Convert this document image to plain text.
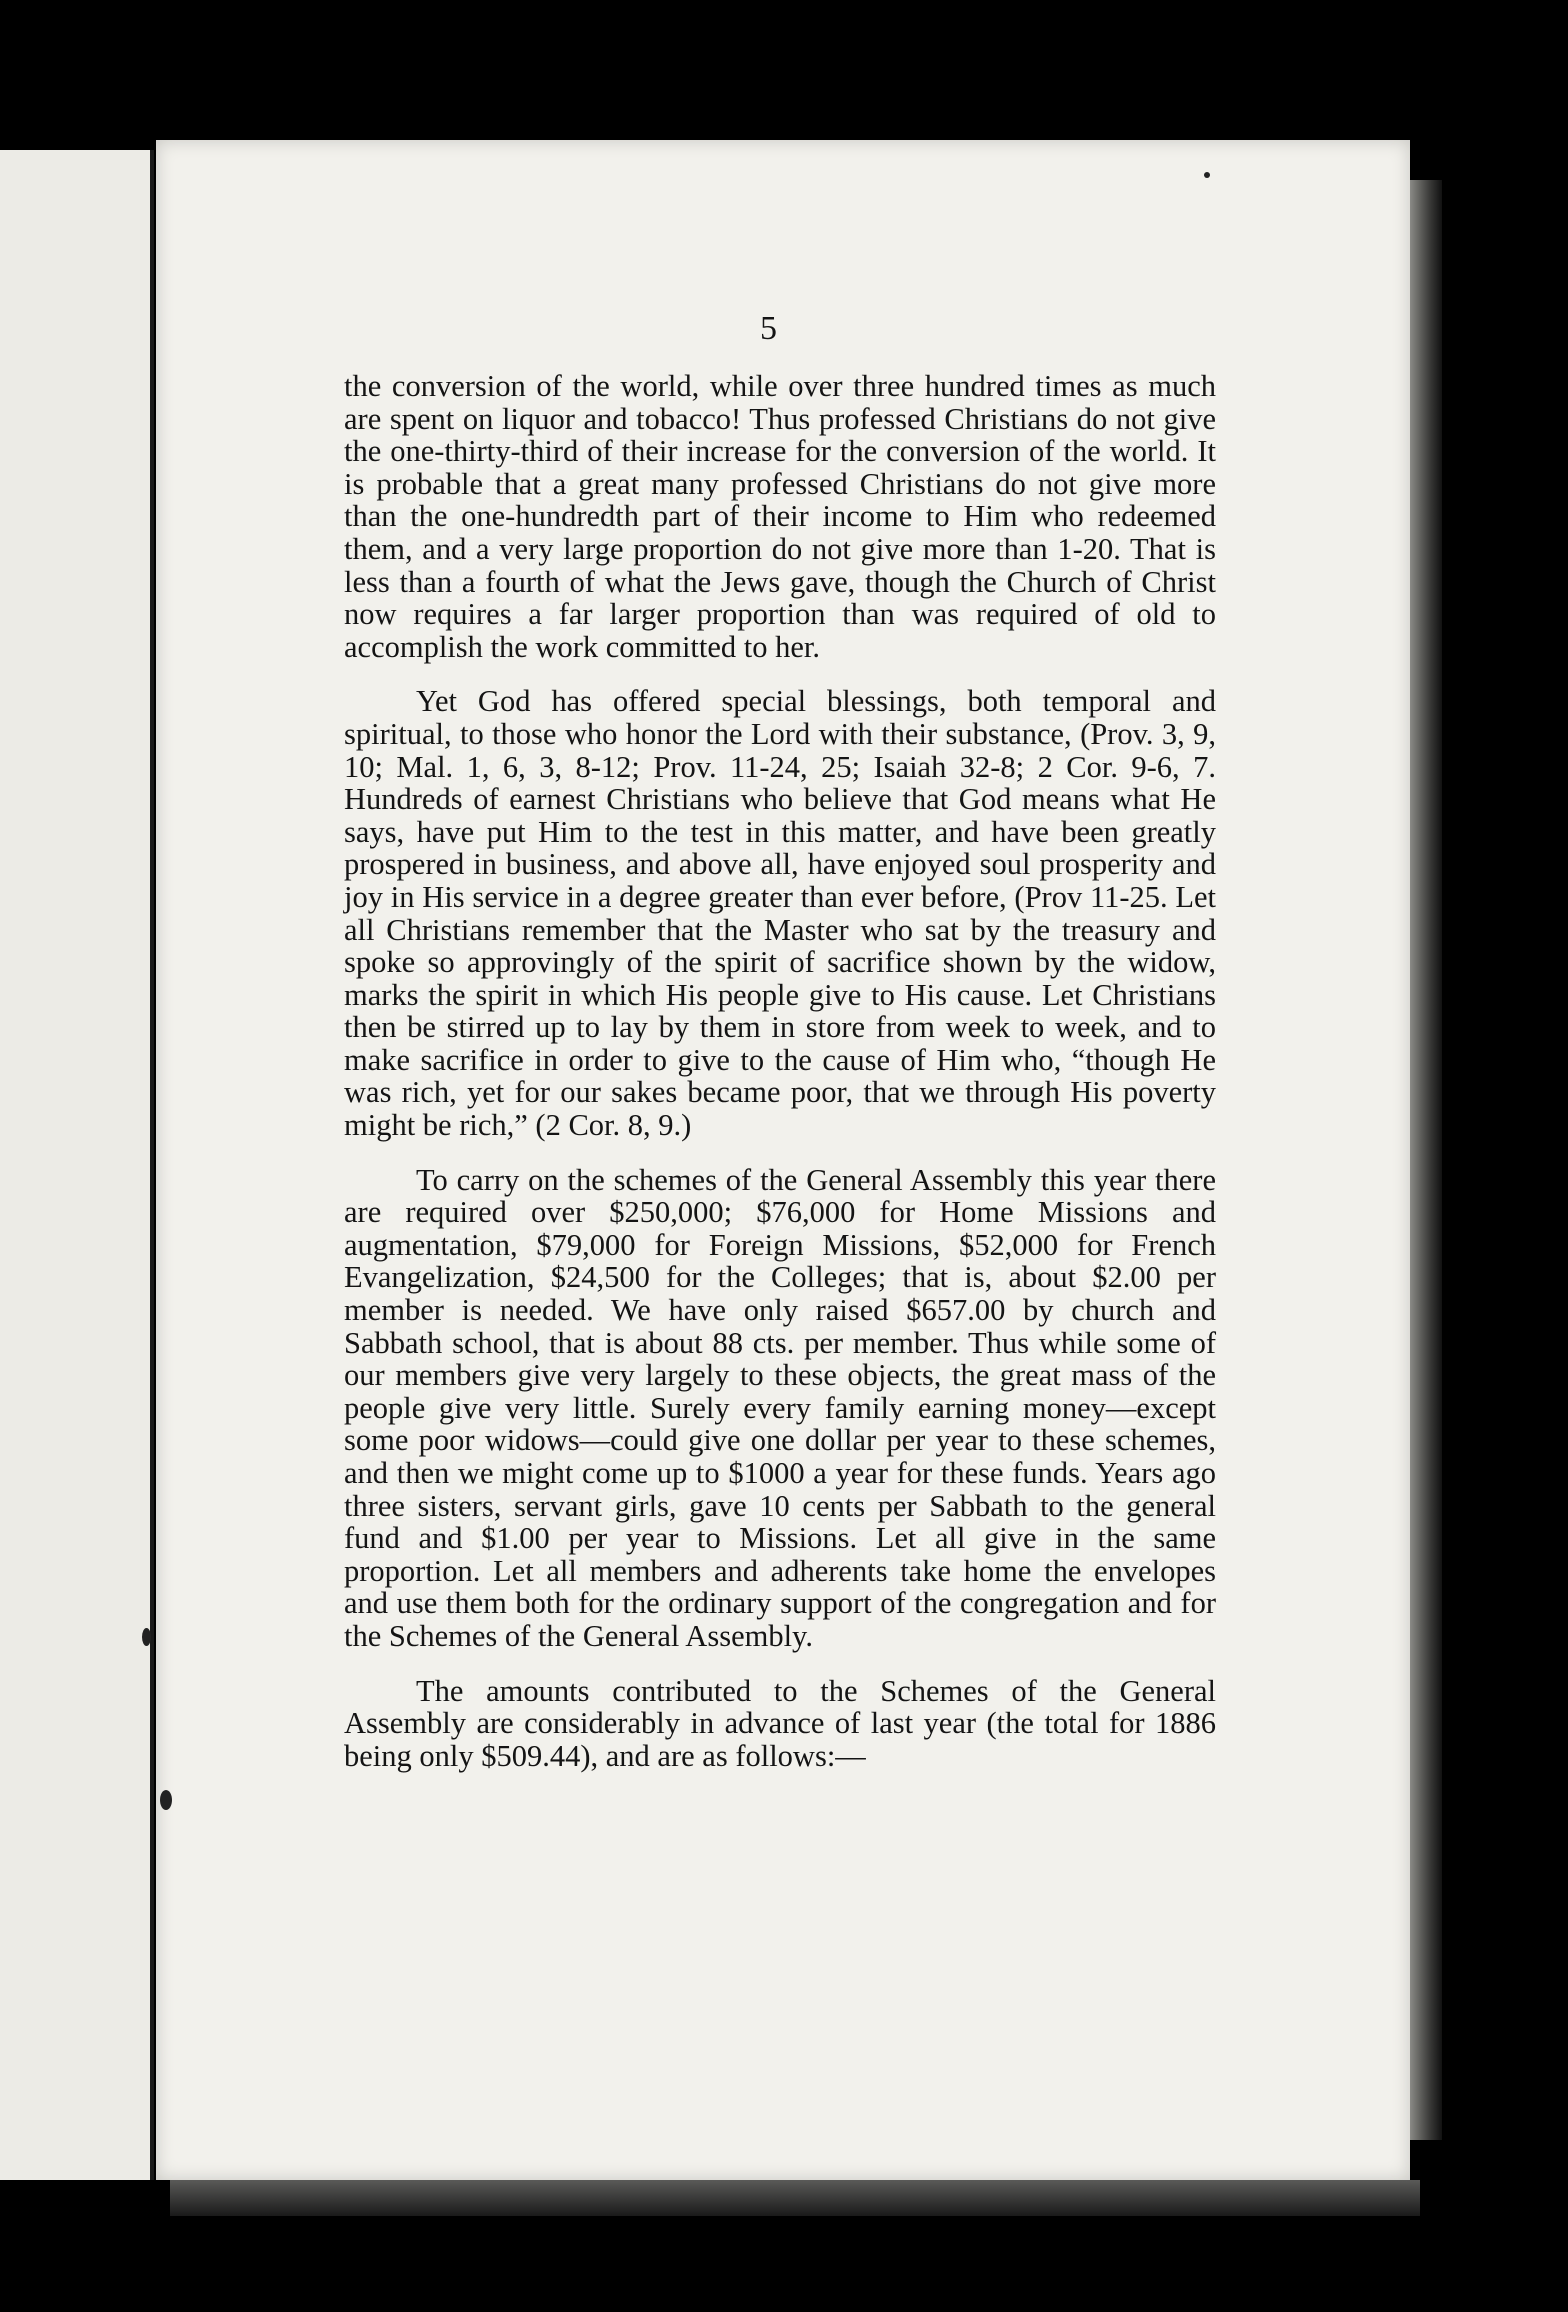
5

the conversion of the world, while over three hundred times as much are spent on liquor and tobacco! Thus professed Christians do not give the one-thirty-third of their increase for the conversion of the world. It is probable that a great many professed Christians do not give more than the one-hundredth part of their income to Him who redeemed them, and a very large proportion do not give more than 1-20. That is less than a fourth of what the Jews gave, though the Church of Christ now requires a far larger proportion than was required of old to accomplish the work committed to her.

Yet God has offered special blessings, both temporal and spiritual, to those who honor the Lord with their substance, (Prov. 3, 9, 10; Mal. 1, 6, 3, 8-12; Prov. 11-24, 25; Isaiah 32-8; 2 Cor. 9-6, 7. Hundreds of earnest Christians who believe that God means what He says, have put Him to the test in this matter, and have been greatly prospered in business, and above all, have enjoyed soul prosperity and joy in His service in a degree greater than ever before, (Prov 11-25. Let all Christians remember that the Master who sat by the treasury and spoke so approvingly of the spirit of sacrifice shown by the widow, marks the spirit in which His people give to His cause. Let Christians then be stirred up to lay by them in store from week to week, and to make sacrifice in order to give to the cause of Him who, “though He was rich, yet for our sakes became poor, that we through His poverty might be rich,” (2 Cor. 8, 9.)

To carry on the schemes of the General Assembly this year there are required over $250,000; $76,000 for Home Missions and augmentation, $79,000 for Foreign Missions, $52,000 for French Evangelization, $24,500 for the Colleges; that is, about $2.00 per member is needed. We have only raised $657.00 by church and Sabbath school, that is about 88 cts. per member. Thus while some of our members give very largely to these objects, the great mass of the people give very little. Surely every family earning money—except some poor widows—could give one dollar per year to these schemes, and then we might come up to $1000 a year for these funds. Years ago three sisters, servant girls, gave 10 cents per Sabbath to the general fund and $1.00 per year to Missions. Let all give in the same proportion. Let all members and adherents take home the envelopes and use them both for the ordinary support of the congregation and for the Schemes of the General Assembly.

The amounts contributed to the Schemes of the General Assembly are considerably in advance of last year (the total for 1886 being only $509.44), and are as follows:—
